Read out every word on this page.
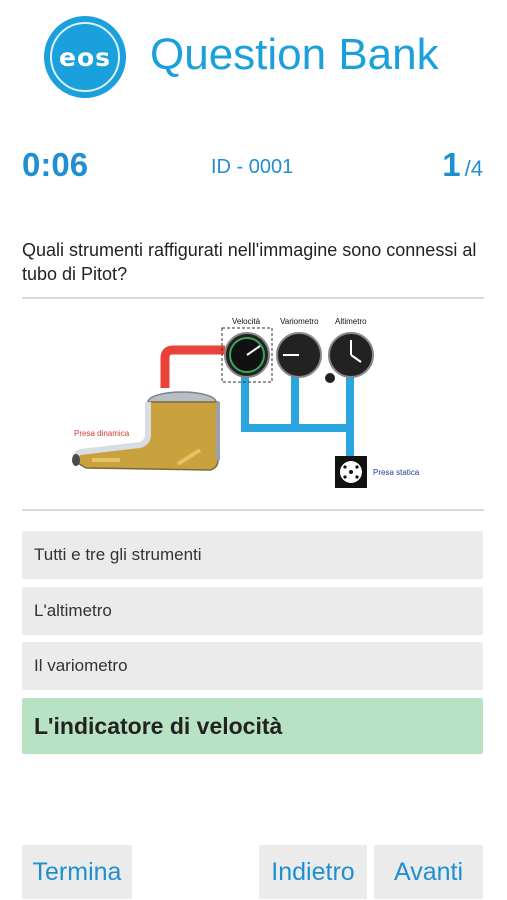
eos Question Bank
0:06	ID - 0001	1 /4
Quali strumenti raffigurati nell'immagine sono connessi al tubo di Pitot?
Velocità Variometro Altimetro
Presa dinamica
Presa statica
Tutti e tre gli strumenti
L'altimetro
Il variometro
L'indicatore di velocità
Termina	Indietro	Avanti
